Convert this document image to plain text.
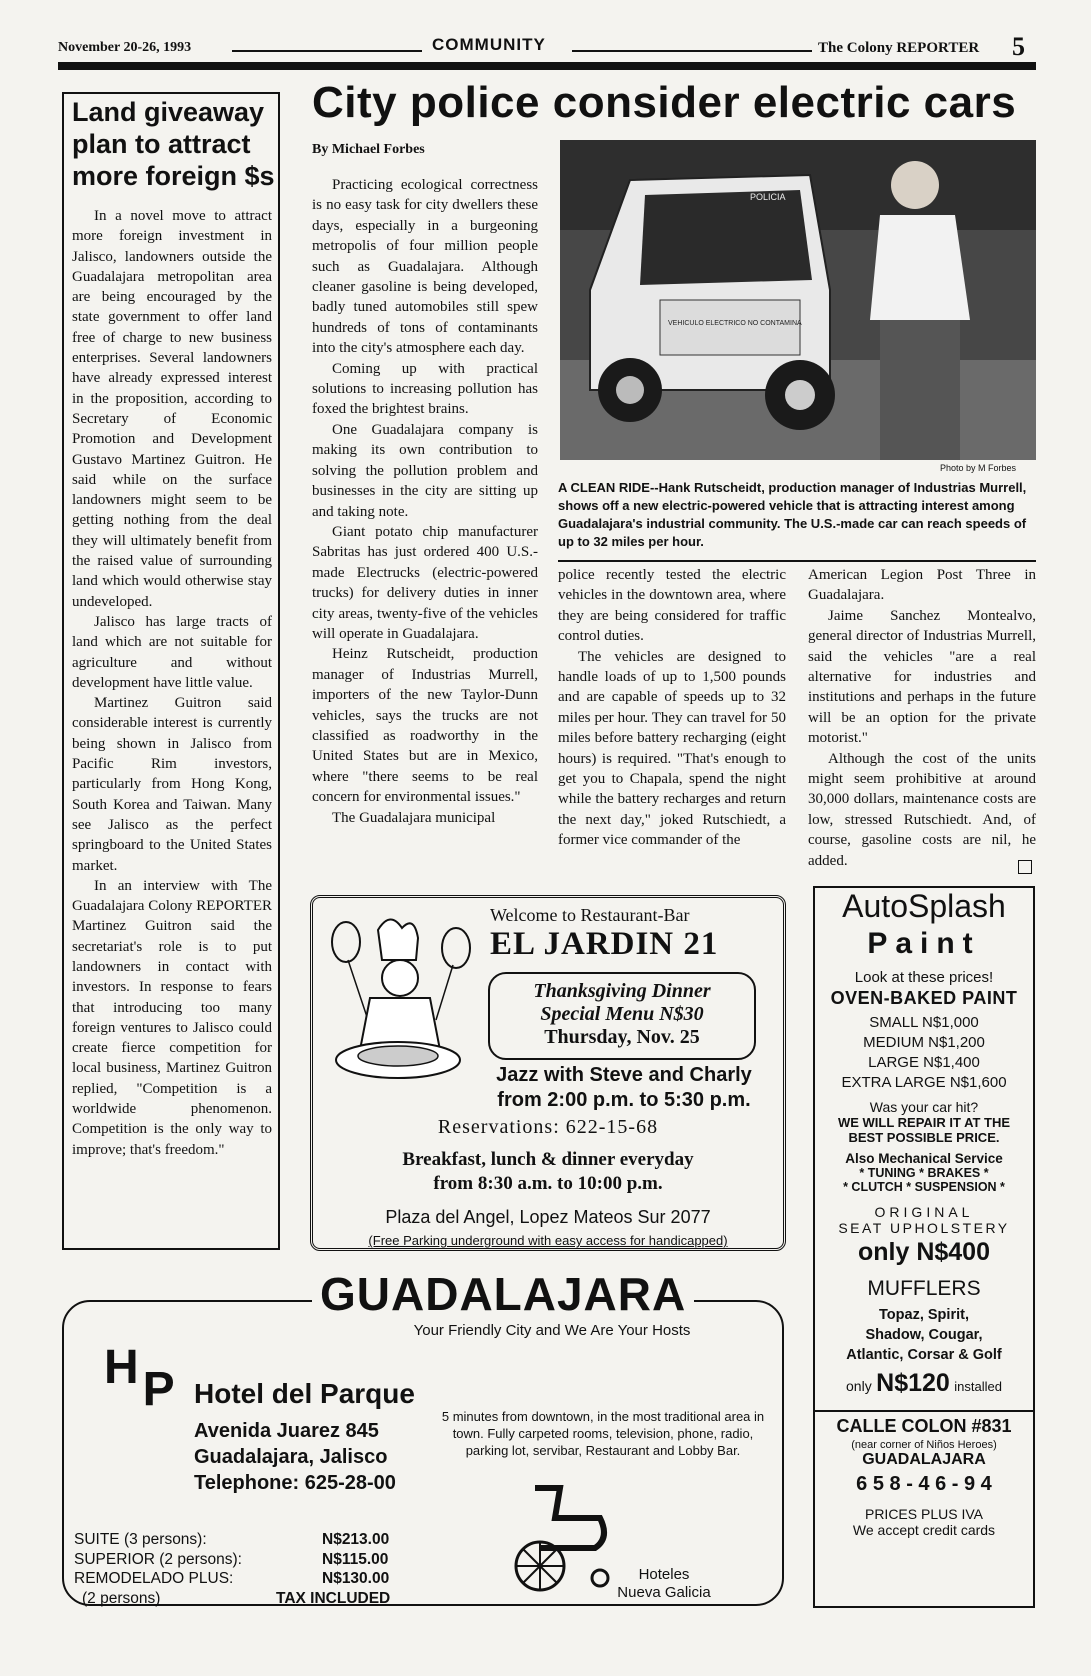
November 20-26, 1993	COMMUNITY	The Colony REPORTER 5
Land giveaway plan to attract more foreign $s

In a novel move to attract more foreign investment in Jalisco, landowners outside the Guadalajara metropolitan area are being encouraged by the state government to offer land free of charge to new business enterprises. Several landowners have already expressed interest in the proposition, according to Secretary of Economic Promotion and Development Gustavo Martinez Guitron. He said while on the surface landowners might seem to be getting nothing from the deal they will ultimately benefit from the raised value of surrounding land which would otherwise stay undeveloped.

Jalisco has large tracts of land which are not suitable for agriculture and without development have little value.

Martinez Guitron said considerable interest is currently being shown in Jalisco from Pacific Rim investors, particularly from Hong Kong, South Korea and Taiwan. Many see Jalisco as the perfect springboard to the United States market.

In an interview with The Guadalajara Colony REPORTER Martinez Guitron said the secretariat's role is to put landowners in contact with investors. In response to fears that introducing too many foreign ventures to Jalisco could create fierce competition for local business, Martinez Guitron replied, "Competition is a worldwide phenomenon. Competition is the only way to improve; that's freedom."

City police consider electric cars
By Michael Forbes

Practicing ecological correctness is no easy task for city dwellers these days, especially in a burgeoning metropolis of four million people such as Guadalajara. Although cleaner gasoline is being developed, badly tuned automobiles still spew hundreds of tons of contaminants into the city's atmosphere each day.

Coming up with practical solutions to increasing pollution has foxed the brightest brains.

One Guadalajara company is making its own contribution to solving the pollution problem and businesses in the city are sitting up and taking note.

Giant potato chip manufacturer Sabritas has just ordered 400 U.S.-made Electrucks (electric-powered trucks) for delivery duties in inner city areas, twenty-five of the vehicles will operate in Guadalajara.

Heinz Rutscheidt, production manager of Industrias Murrell, importers of the new Taylor-Dunn vehicles, says the trucks are not classified as roadworthy in the United States but are in Mexico, where "there seems to be real concern for environmental issues."

The Guadalajara municipal

POLICIA
VEHICULO ELECTRICO NO CONTAMINA
Photo by M Forbes
A CLEAN RIDE--Hank Rutscheidt, production manager of Industrias Murrell, shows off a new electric-powered vehicle that is attracting interest among Guadalajara's industrial community. The U.S.-made car can reach speeds of up to 32 miles per hour.

police recently tested the electric vehicles in the downtown area, where they are being considered for traffic control duties.

The vehicles are designed to handle loads of up to 1,500 pounds and are capable of speeds up to 32 miles per hour. They can travel for 50 miles before battery recharging (eight hours) is required. "That's enough to get you to Chapala, spend the night while the battery recharges and return the next day," joked Rutschiedt, a former vice commander of the

American Legion Post Three in Guadalajara.

Jaime Sanchez Montealvo, general director of Industrias Murrell, said the vehicles "are a real alternative for industries and institutions and perhaps in the future will be an option for the private motorist."

Although the cost of the units might seem prohibitive at around 30,000 dollars, maintenance costs are low, stressed Rutschiedt. And, of course, gasoline costs are nil, he added.

Welcome to Restaurant-Bar
EL JARDIN 21
Thanksgiving Dinner
Special Menu N$30
Thursday, Nov. 25
Jazz with Steve and Charly
from 2:00 p.m. to 5:30 p.m.
Reservations: 622-15-68
Breakfast, lunch & dinner everyday
from 8:30 a.m. to 10:00 p.m.
Plaza del Angel, Lopez Mateos Sur 2077
(Free Parking underground with easy access for handicapped)
GUADALAJARA
Your Friendly City and We Are Your Hosts
HP Hotel del Parque
Avenida Juarez 845
Guadalajara, Jalisco
Telephone: 625-28-00
5 minutes from downtown, in the most traditional area in town. Fully carpeted rooms, television, phone, radio, parking lot, servibar, Restaurant and Lobby Bar.
SUITE (3 persons):
SUPERIOR (2 persons):
REMODELADO PLUS:
(2 persons)
N$213.00
N$115.00
N$130.00
TAX INCLUDED
Hoteles
Nueva Galicia
AutoSplash
Paint
Look at these prices!
OVEN-BAKED PAINT
SMALL N$1,000
MEDIUM N$1,200
LARGE N$1,400
EXTRA LARGE N$1,600
Was your car hit?
WE WILL REPAIR IT AT THE
BEST POSSIBLE PRICE.
Also Mechanical Service
* TUNING * BRAKES *
* CLUTCH * SUSPENSION *
ORIGINAL
SEAT UPHOLSTERY
only N$400
MUFFLERS
Topaz, Spirit,
Shadow, Cougar,
Atlantic, Corsar & Golf
only N$120 installed
CALLE COLON #831
(near corner of Niños Heroes)
GUADALAJARA
6 5 8 - 4 6 - 9 4
PRICES PLUS IVA
We accept credit cards
